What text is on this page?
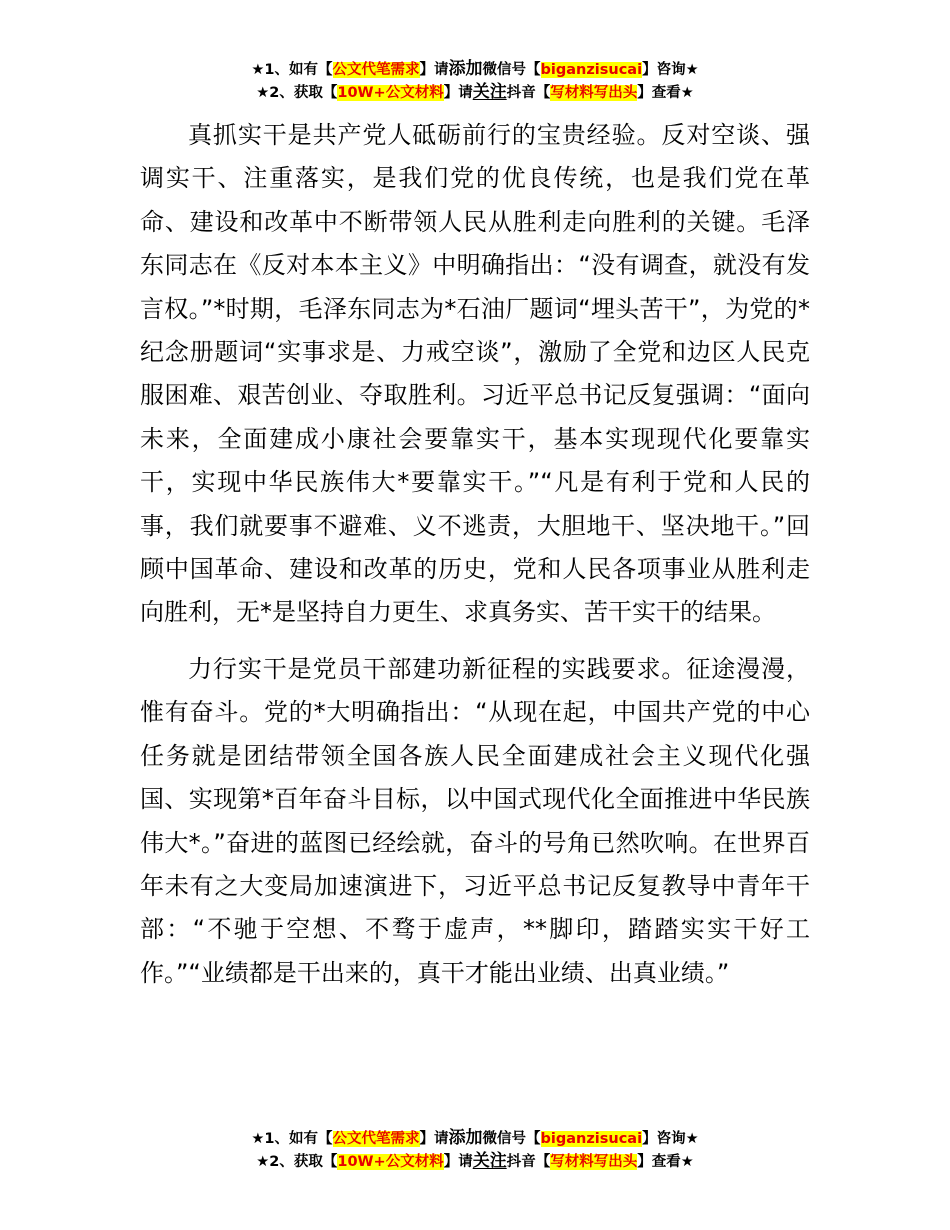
★1、如有【公文代笔需求】请添加微信号【biganzisucai】咨询★
★2、获取【10W+公文材料】请关注抖音【写材料写出头】查看★

真抓实干是共产党人砥砺前行的宝贵经验。反对空谈、强调实干、注重落实，是我们党的优良传统，也是我们党在革命、建设和改革中不断带领人民从胜利走向胜利的关键。毛泽东同志在《反对本本主义》中明确指出：“没有调查，就没有发言权。”*时期，毛泽东同志为*石油厂题词“埋头苦干”，为党的*纪念册题词“实事求是、力戒空谈”，激励了全党和边区人民克服困难、艰苦创业、夺取胜利。习近平总书记反复强调：“面向未来，全面建成小康社会要靠实干，基本实现现代化要靠实干，实现中华民族伟大*要靠实干。”“凡是有利于党和人民的事，我们就要事不避难、义不逃责，大胆地干、坚决地干。”回顾中国革命、建设和改革的历史，党和人民各项事业从胜利走向胜利，无*是坚持自力更生、求真务实、苦干实干的结果。

力行实干是党员干部建功新征程的实践要求。征途漫漫，惟有奋斗。党的*大明确指出：“从现在起，中国共产党的中心任务就是团结带领全国各族人民全面建成社会主义现代化强国、实现第*百年奋斗目标，以中国式现代化全面推进中华民族伟大*。”奋进的蓝图已经绘就，奋斗的号角已然吹响。在世界百年未有之大变局加速演进下，习近平总书记反复教导中青年干部：“不驰于空想、不骛于虚声，**脚印，踏踏实实干好工作。”“业绩都是干出来的，真干才能出业绩、出真业绩。”

★1、如有【公文代笔需求】请添加微信号【biganzisucai】咨询★
★2、获取【10W+公文材料】请关注抖音【写材料写出头】查看★
